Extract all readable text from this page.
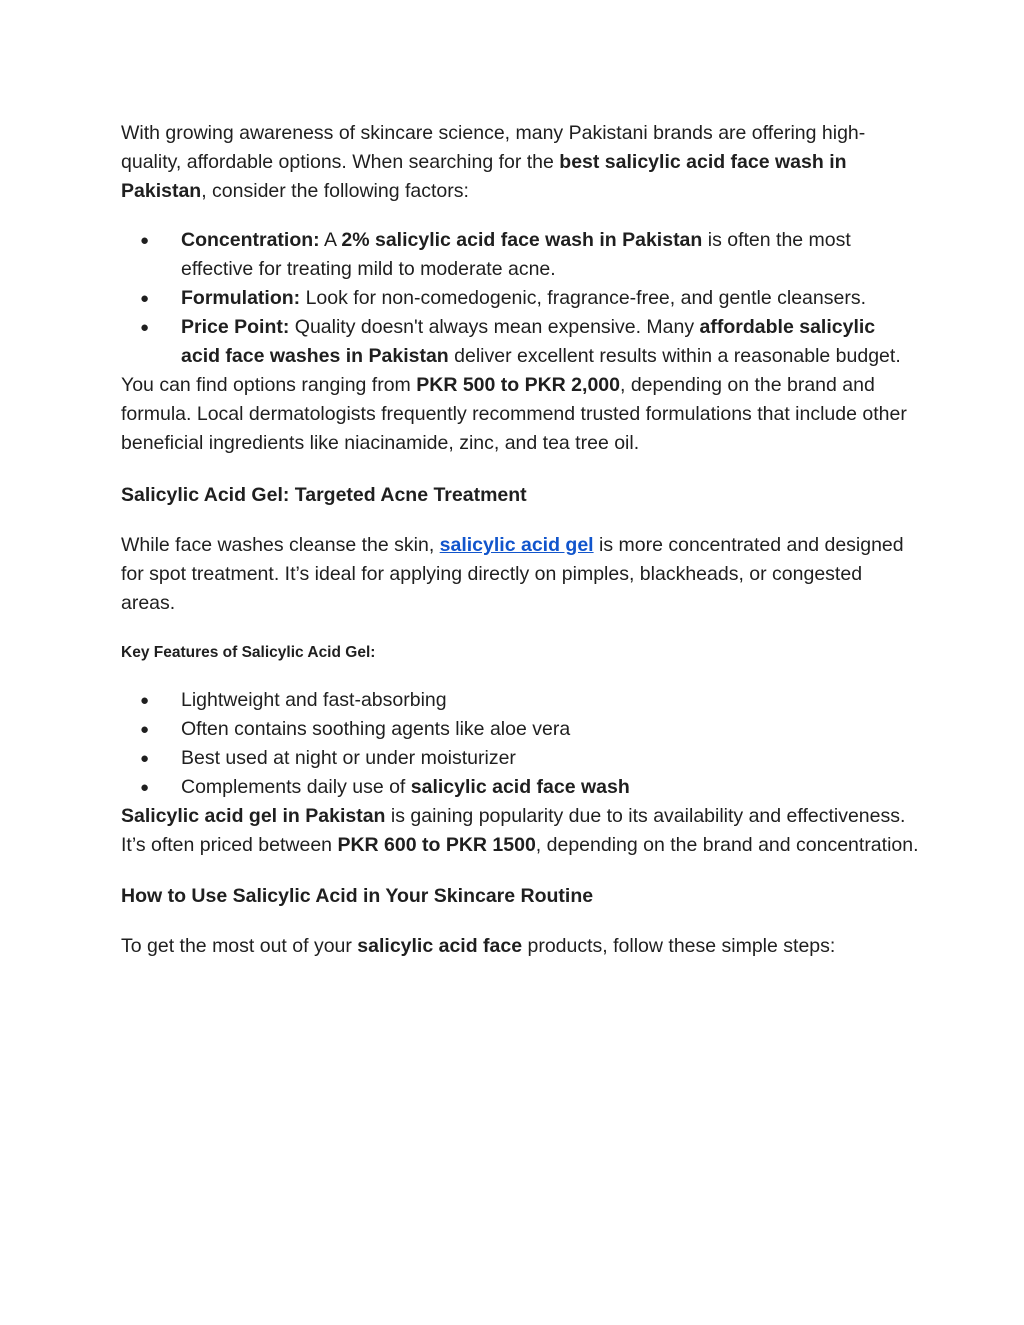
With growing awareness of skincare science, many Pakistani brands are offering high-quality, affordable options. When searching for the best salicylic acid face wash in Pakistan, consider the following factors:

● Concentration: A 2% salicylic acid face wash in Pakistan is often the most effective for treating mild to moderate acne.
● Formulation: Look for non-comedogenic, fragrance-free, and gentle cleansers.
● Price Point: Quality doesn't always mean expensive. Many affordable salicylic acid face washes in Pakistan deliver excellent results within a reasonable budget.

You can find options ranging from PKR 500 to PKR 2,000, depending on the brand and formula. Local dermatologists frequently recommend trusted formulations that include other beneficial ingredients like niacinamide, zinc, and tea tree oil.

Salicylic Acid Gel: Targeted Acne Treatment

While face washes cleanse the skin, salicylic acid gel is more concentrated and designed for spot treatment. It’s ideal for applying directly on pimples, blackheads, or congested areas.

Key Features of Salicylic Acid Gel:
● Lightweight and fast-absorbing
● Often contains soothing agents like aloe vera
● Best used at night or under moisturizer
● Complements daily use of salicylic acid face wash

Salicylic acid gel in Pakistan is gaining popularity due to its availability and effectiveness. It’s often priced between PKR 600 to PKR 1500, depending on the brand and concentration.

How to Use Salicylic Acid in Your Skincare Routine

To get the most out of your salicylic acid face products, follow these simple steps:
